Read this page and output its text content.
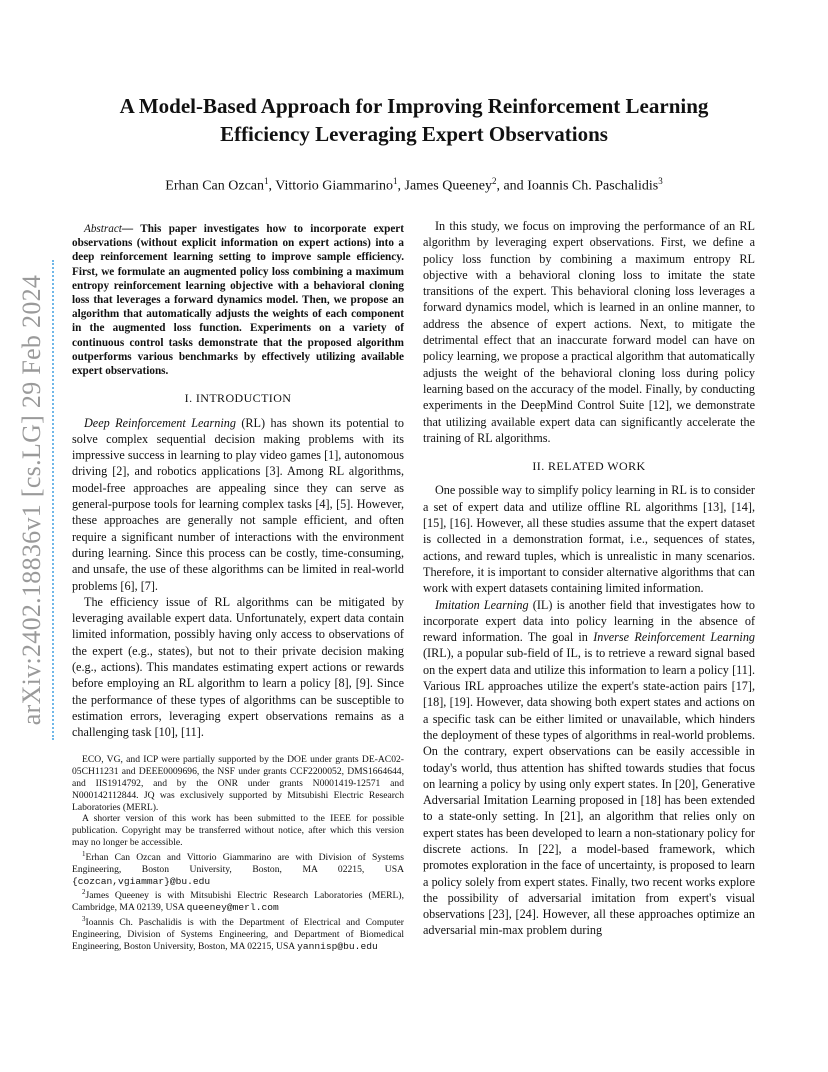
arXiv:2402.18836v1 [cs.LG] 29 Feb 2024
A Model-Based Approach for Improving Reinforcement Learning Efficiency Leveraging Expert Observations
Erhan Can Ozcan$^1$, Vittorio Giammarino$^1$, James Queeney$^2$, and Ioannis Ch. Paschalidis$^3$

Abstract— This paper investigates how to incorporate expert observations (without explicit information on expert actions) into a deep reinforcement learning setting to improve sample efficiency. First, we formulate an augmented policy loss combining a maximum entropy reinforcement learning objective with a behavioral cloning loss that leverages a forward dynamics model. Then, we propose an algorithm that automatically adjusts the weights of each component in the augmented loss function. Experiments on a variety of continuous control tasks demonstrate that the proposed algorithm outperforms various benchmarks by effectively utilizing available expert observations.

I. INTRODUCTION

Deep Reinforcement Learning (RL) has shown its potential to solve complex sequential decision making problems with its impressive success in learning to play video games [1], autonomous driving [2], and robotics applications [3]. Among RL algorithms, model-free approaches are appealing since they can serve as general-purpose tools for learning complex tasks [4], [5]. However, these approaches are generally not sample efficient, and often require a significant number of interactions with the environment during learning. Since this process can be costly, time-consuming, and unsafe, the use of these algorithms can be limited in real-world problems [6], [7].

The efficiency issue of RL algorithms can be mitigated by leveraging available expert data. Unfortunately, expert data contain limited information, possibly having only access to observations of the expert (e.g., states), but not to their private decision making (e.g., actions). This mandates estimating expert actions or rewards before employing an RL algorithm to learn a policy [8], [9]. Since the performance of these types of algorithms can be susceptible to estimation errors, leveraging expert observations remains as a challenging task [10], [11].

ECO, VG, and ICP were partially supported by the DOE under grants DE-AC02-05CH11231 and DEEE0009696, the NSF under grants CCF2200052, DMS1664644, and IIS1914792, and by the ONR under grants N0001419-12571 and N000142112844. JQ was exclusively supported by Mitsubishi Electric Research Laboratories (MERL).

A shorter version of this work has been submitted to the IEEE for possible publication. Copyright may be transferred without notice, after which this version may no longer be accessible.

$^1$Erhan Can Ozcan and Vittorio Giammarino are with Division of Systems Engineering, Boston University, Boston, MA 02215, USA {cozcan,vgiammar}@bu.edu

$^2$James Queeney is with Mitsubishi Electric Research Laboratories (MERL), Cambridge, MA 02139, USA queeney@merl.com

$^3$Ioannis Ch. Paschalidis is with the Department of Electrical and Computer Engineering, Division of Systems Engineering, and Department of Biomedical Engineering, Boston University, Boston, MA 02215, USA yannisp@bu.edu

In this study, we focus on improving the performance of an RL algorithm by leveraging expert observations. First, we define a policy loss function by combining a maximum entropy RL objective with a behavioral cloning loss to imitate the state transitions of the expert. This behavioral cloning loss leverages a forward dynamics model, which is learned in an online manner, to address the absence of expert actions. Next, to mitigate the detrimental effect that an inaccurate forward model can have on policy learning, we propose a practical algorithm that automatically adjusts the weight of the behavioral cloning loss during policy learning based on the accuracy of the model. Finally, by conducting experiments in the DeepMind Control Suite [12], we demonstrate that utilizing available expert data can significantly accelerate the training of RL algorithms.

II. RELATED WORK

One possible way to simplify policy learning in RL is to consider a set of expert data and utilize offline RL algorithms [13], [14], [15], [16]. However, all these studies assume that the expert dataset is collected in a demonstration format, i.e., sequences of states, actions, and reward tuples, which is unrealistic in many scenarios. Therefore, it is important to consider alternative algorithms that can work with expert datasets containing limited information.

Imitation Learning (IL) is another field that investigates how to incorporate expert data into policy learning in the absence of reward information. The goal in Inverse Reinforcement Learning (IRL), a popular sub-field of IL, is to retrieve a reward signal based on the expert data and utilize this information to learn a policy [11]. Various IRL approaches utilize the expert's state-action pairs [17], [18], [19]. However, data showing both expert states and actions on a specific task can be either limited or unavailable, which hinders the deployment of these types of algorithms in real-world problems. On the contrary, expert observations can be easily accessible in today's world, thus attention has shifted towards studies that focus on learning a policy by using only expert states. In [20], Generative Adversarial Imitation Learning proposed in [18] has been extended to a state-only setting. In [21], an algorithm that relies only on expert states has been developed to learn a non-stationary policy for discrete actions. In [22], a model-based framework, which promotes exploration in the face of uncertainty, is proposed to learn a policy solely from expert states. Finally, two recent works explore the possibility of adversarial imitation from expert's visual observations [23], [24]. However, all these approaches optimize an adversarial min-max problem during
